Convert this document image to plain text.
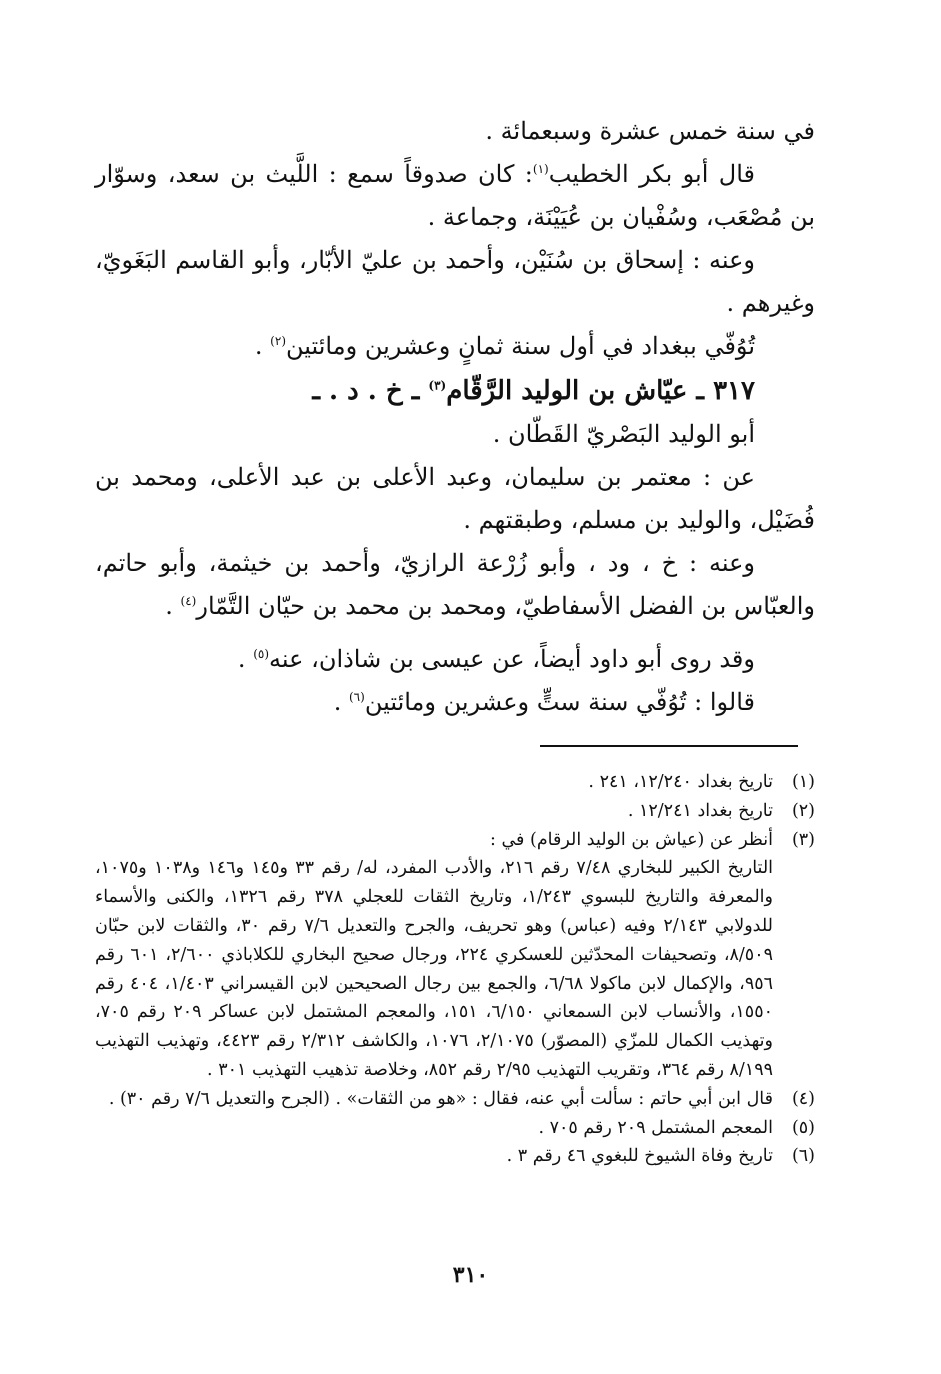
في سنة خمس عشرة وسبعمائة .

قال أبو بكر الخطيب$^{(١)}$: كان صدوقاً سمع : اللَّيث بن سعد، وسوّار بن مُصْعَب، وسُفْيان بن عُيَيْنَة، وجماعة .

وعنه : إسحاق بن سُنَيْن، وأحمد بن عليّ الأبّار، وأبو القاسم البَغَويّ، وغيرهم .

تُوُفّي ببغداد في أول سنة ثمانٍ وعشرين ومائتين$^{(٢)}$ .

٣١٧ ـ عيّاش بن الوليد الرَّقّام$^{(٣)}$ ـ خ . د . ـ

أبو الوليد البَصْريّ القَطّان .

عن : معتمر بن سليمان، وعبد الأعلى بن عبد الأعلى، ومحمد بن فُضَيْل، والوليد بن مسلم، وطبقتهم .

وعنه : خ ، ود ، وأبو زُرْعة الرازيّ، وأحمد بن خيثمة، وأبو حاتم، والعبّاس بن الفضل الأسفاطيّ، ومحمد بن محمد بن حيّان التَّمّار$^{(٤)}$ .

وقد روى أبو داود أيضاً، عن عيسى بن شاذان، عنه$^{(٥)}$ .

قالوا : تُوُفّي سنة ستٍّ وعشرين ومائتين$^{(٦)}$ .

(١)
تاريخ بغداد ١٢/٢٤٠، ٢٤١ .
(٢)
تاريخ بغداد ١٢/٢٤١ .
(٣)
أنظر عن (عياش بن الوليد الرقام) في :

التاريخ الكبير للبخاري ٧/٤٨ رقم ٢١٦، والأدب المفرد، له/ رقم ٣٣ و١٤٥ و١٤٦ و١٠٣٨ و١٠٧٥، والمعرفة والتاريخ للبسوي ١/٢٤٣، وتاريخ الثقات للعجلي ٣٧٨ رقم ١٣٢٦، والكنى والأسماء للدولابي ٢/١٤٣ وفيه (عباس) وهو تحريف، والجرح والتعديل ٧/٦ رقم ٣٠، والثقات لابن حبّان ٨/٥٠٩، وتصحيفات المحدّثين للعسكري ٢٢٤، ورجال صحيح البخاري للكلاباذي ٢/٦٠٠، ٦٠١ رقم ٩٥٦، والإكمال لابن ماكولا ٦/٦٨، والجمع بين رجال الصحيحين لابن القيسراني ١/٤٠٣، ٤٠٤ رقم ١٥٥٠، والأنساب لابن السمعاني ٦/١٥٠، ١٥١، والمعجم المشتمل لابن عساكر ٢٠٩ رقم ٧٠٥، وتهذيب الكمال للمزّي (المصوّر) ٢/١٠٧٥، ١٠٧٦، والكاشف ٢/٣١٢ رقم ٤٤٢٣، وتهذيب التهذيب ٨/١٩٩ رقم ٣٦٤، وتقريب التهذيب ٢/٩٥ رقم ٨٥٢، وخلاصة تذهيب التهذيب ٣٠١ .

(٤)
قال ابن أبي حاتم : سألت أبي عنه، فقال : «هو من الثقات» . (الجرح والتعديل ٧/٦ رقم ٣٠) .
(٥)
المعجم المشتمل ٢٠٩ رقم ٧٠٥ .
(٦)
تاريخ وفاة الشيوخ للبغوي ٤٦ رقم ٣ .
٣١٠
